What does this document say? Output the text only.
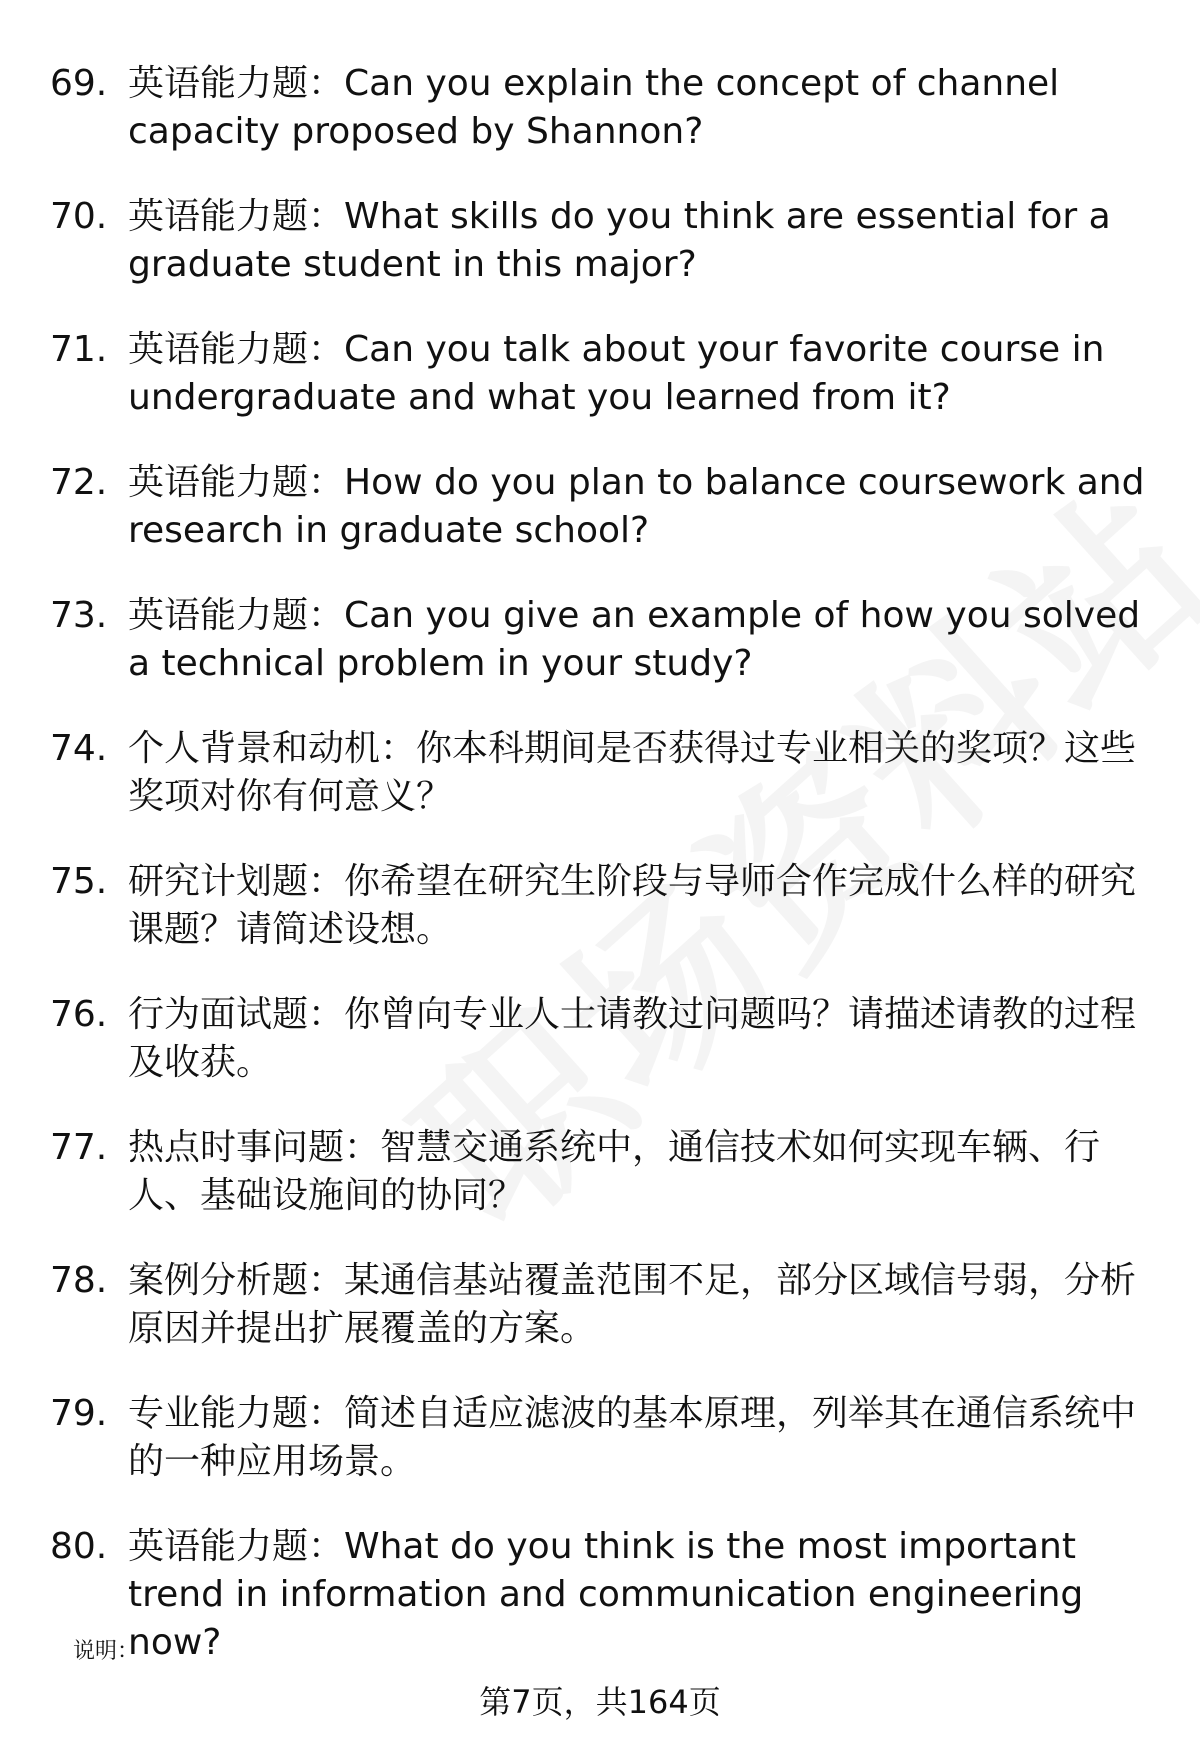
69. 英语能力题：Can you explain the concept of channel capacity proposed by Shannon?
70. 英语能力题：What skills do you think are essential for a graduate student in this major?
71. 英语能力题：Can you talk about your favorite course in undergraduate and what you learned from it?
72. 英语能力题：How do you plan to balance coursework and research in graduate school?
73. 英语能力题：Can you give an example of how you solved a technical problem in your study?
74. 个人背景和动机：你本科期间是否获得过专业相关的奖项？这些奖项对你有何意义？
75. 研究计划题：你希望在研究生阶段与导师合作完成什么样的研究课题？请简述设想。
76. 行为面试题：你曾向专业人士请教过问题吗？请描述请教的过程及收获。
77. 热点时事问题：智慧交通系统中，通信技术如何实现车辆、行人、基础设施间的协同？
78. 案例分析题：某通信基站覆盖范围不足，部分区域信号弱，分析原因并提出扩展覆盖的方案。
79. 专业能力题：简述自适应滤波的基本原理，列举其在通信系统中的一种应用场景。
80. 英语能力题：What do you think is the most important trend in information and communication engineering now?
说明：
第7页，共164页
